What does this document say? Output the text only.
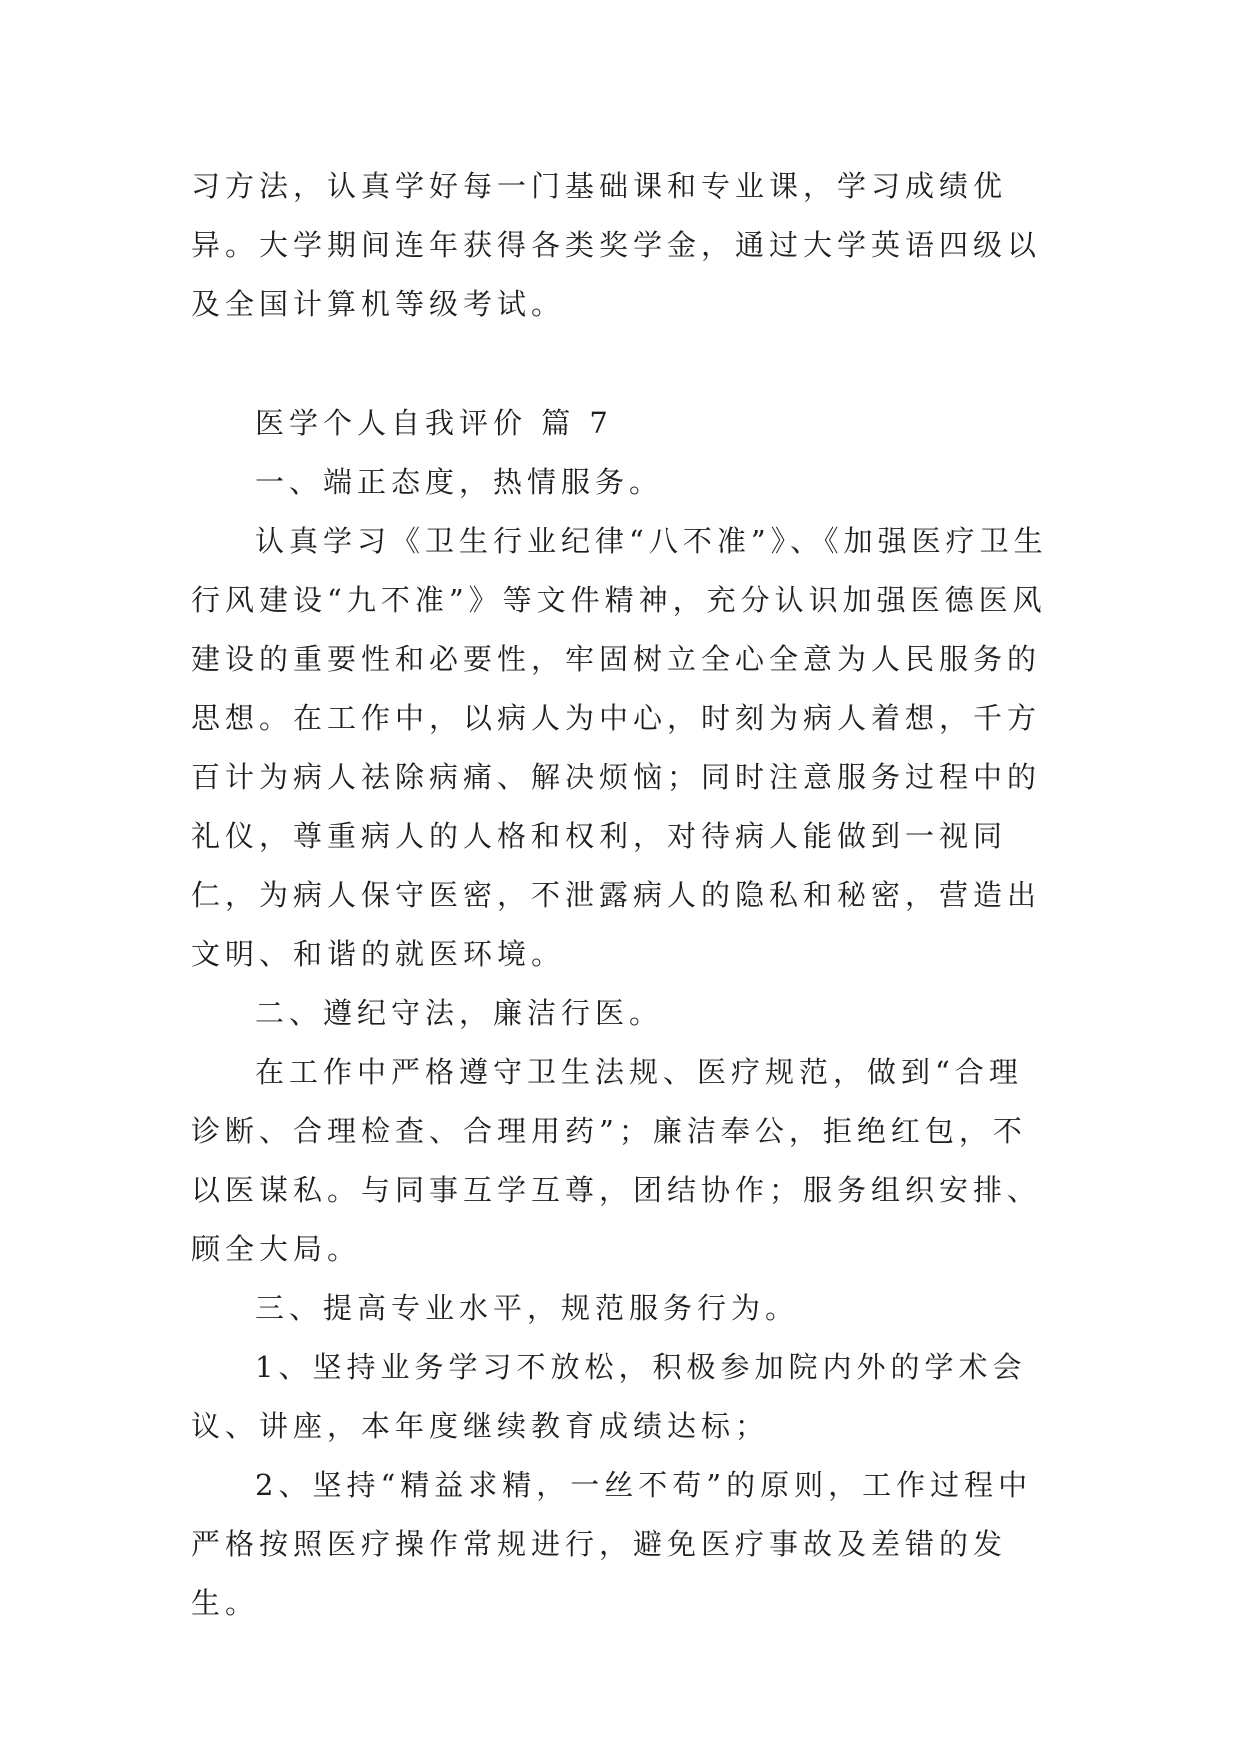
习方法，认真学好每一门基础课和专业课，学习成绩优异。大学期间连年获得各类奖学金，通过大学英语四级以及全国计算机等级考试。

医学个人自我评价 篇 7

一、端正态度，热情服务。

认真学习《卫生行业纪律“八不准”》、《加强医疗卫生行风建设“九不准”》等文件精神，充分认识加强医德医风建设的重要性和必要性，牢固树立全心全意为人民服务的思想。在工作中，以病人为中心，时刻为病人着想，千方百计为病人祛除病痛、解决烦恼；同时注意服务过程中的礼仪，尊重病人的人格和权利，对待病人能做到一视同仁，为病人保守医密，不泄露病人的隐私和秘密，营造出文明、和谐的就医环境。

二、遵纪守法，廉洁行医。

在工作中严格遵守卫生法规、医疗规范，做到“合理诊断、合理检查、合理用药”；廉洁奉公，拒绝红包，不以医谋私。与同事互学互尊，团结协作；服务组织安排、顾全大局。

三、提高专业水平，规范服务行为。

1、坚持业务学习不放松，积极参加院内外的学术会议、讲座，本年度继续教育成绩达标；

2、坚持“精益求精，一丝不苟”的原则，工作过程中严格按照医疗操作常规进行，避免医疗事故及差错的发生。
